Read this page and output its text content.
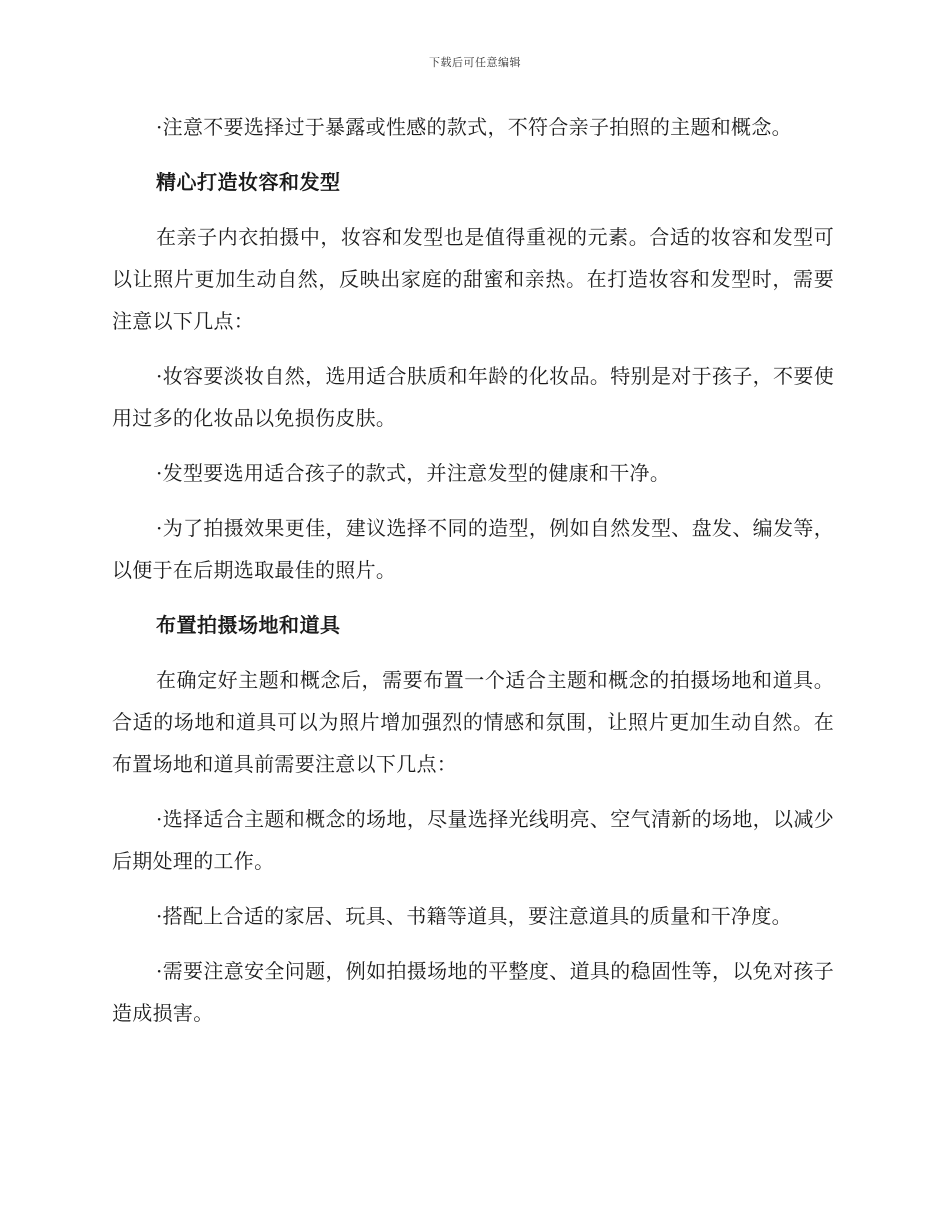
下载后可任意编辑

·注意不要选择过于暴露或性感的款式，不符合亲子拍照的主题和概念。

精心打造妆容和发型

在亲子内衣拍摄中，妆容和发型也是值得重视的元素。合适的妆容和发型可以让照片更加生动自然，反映出家庭的甜蜜和亲热。在打造妆容和发型时，需要注意以下几点：

·妆容要淡妆自然，选用适合肤质和年龄的化妆品。特别是对于孩子，不要使用过多的化妆品以免损伤皮肤。

·发型要选用适合孩子的款式，并注意发型的健康和干净。

·为了拍摄效果更佳，建议选择不同的造型，例如自然发型、盘发、编发等，以便于在后期选取最佳的照片。

布置拍摄场地和道具

在确定好主题和概念后，需要布置一个适合主题和概念的拍摄场地和道具。合适的场地和道具可以为照片增加强烈的情感和氛围，让照片更加生动自然。在布置场地和道具前需要注意以下几点：

·选择适合主题和概念的场地，尽量选择光线明亮、空气清新的场地，以减少后期处理的工作。

·搭配上合适的家居、玩具、书籍等道具，要注意道具的质量和干净度。

·需要注意安全问题，例如拍摄场地的平整度、道具的稳固性等，以免对孩子造成损害。
